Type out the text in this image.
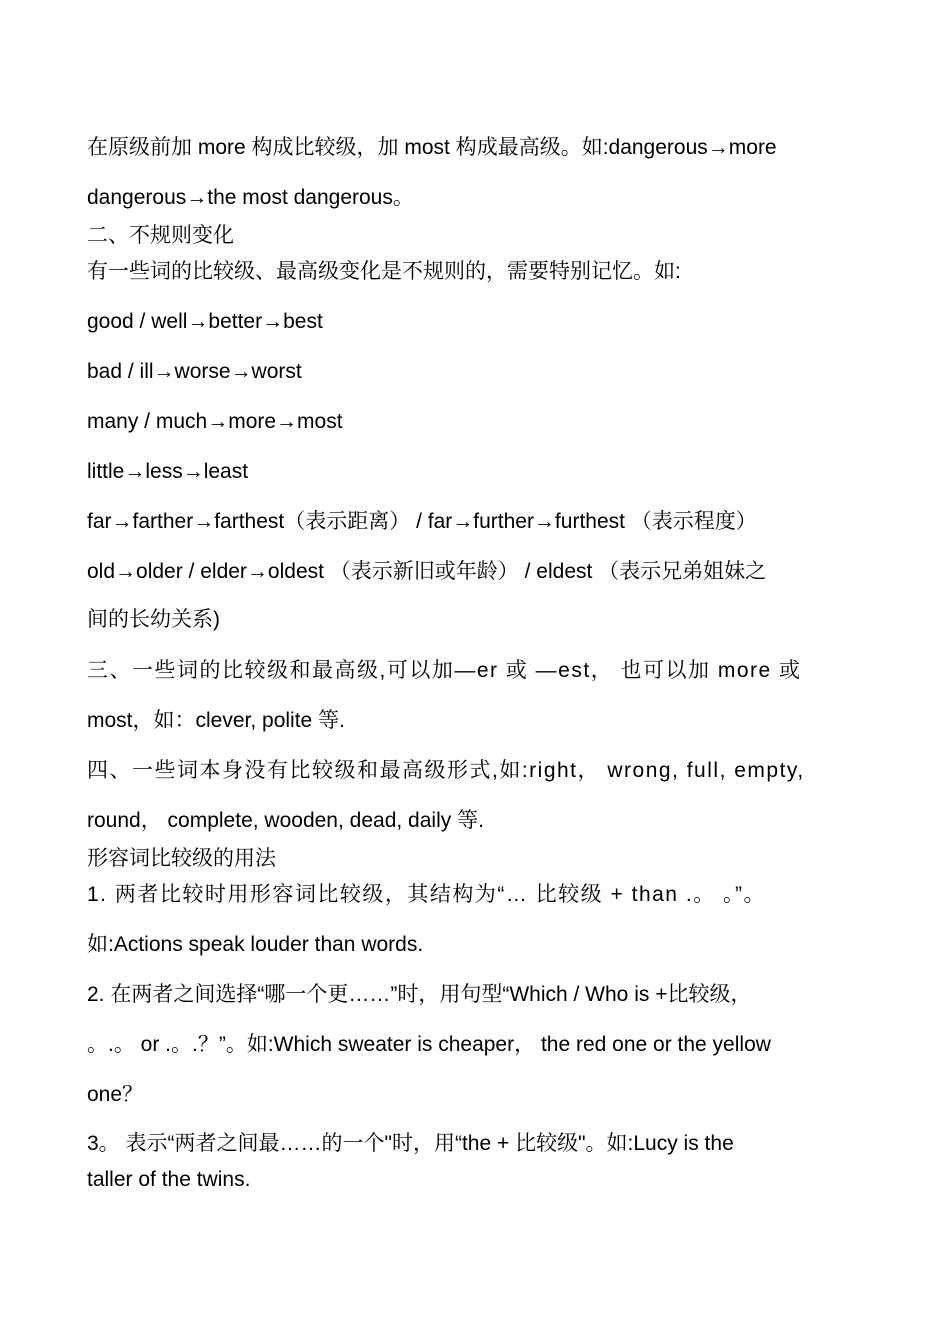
在原级前加 more 构成比较级，加 most 构成最高级。如:dangerous→more
dangerous→the most dangerous。
二、不规则变化
有一些词的比较级、最高级变化是不规则的，需要特别记忆。如:
good / well→better→best
bad / ill→worse→worst
many / much→more→most
little→less→least
far→farther→farthest（表示距离） / far→further→furthest （表示程度）
old→older / elder→oldest （表示新旧或年龄） / eldest （表示兄弟姐妹之
间的长幼关系)
三、一些词的比较级和最高级,可以加—er 或 —est， 也可以加 more 或
most，如：clever, polite 等.
四、一些词本身没有比较级和最高级形式,如:right， wrong, full, empty,
round， complete, wooden, dead, daily 等.
形容词比较级的用法
1. 两者比较时用形容词比较级，其结构为“… 比较级 + than .。 。”。
如:Actions speak louder than words.
2. 在两者之间选择“哪一个更……”时，用句型“Which / Who is +比较级，
。.。 or .。.？”。如:Which sweater is cheaper， the red one or the yellow
one？
3。 表示“两者之间最……的一个"时，用“the + 比较级"。如:Lucy is the
taller of the twins.
